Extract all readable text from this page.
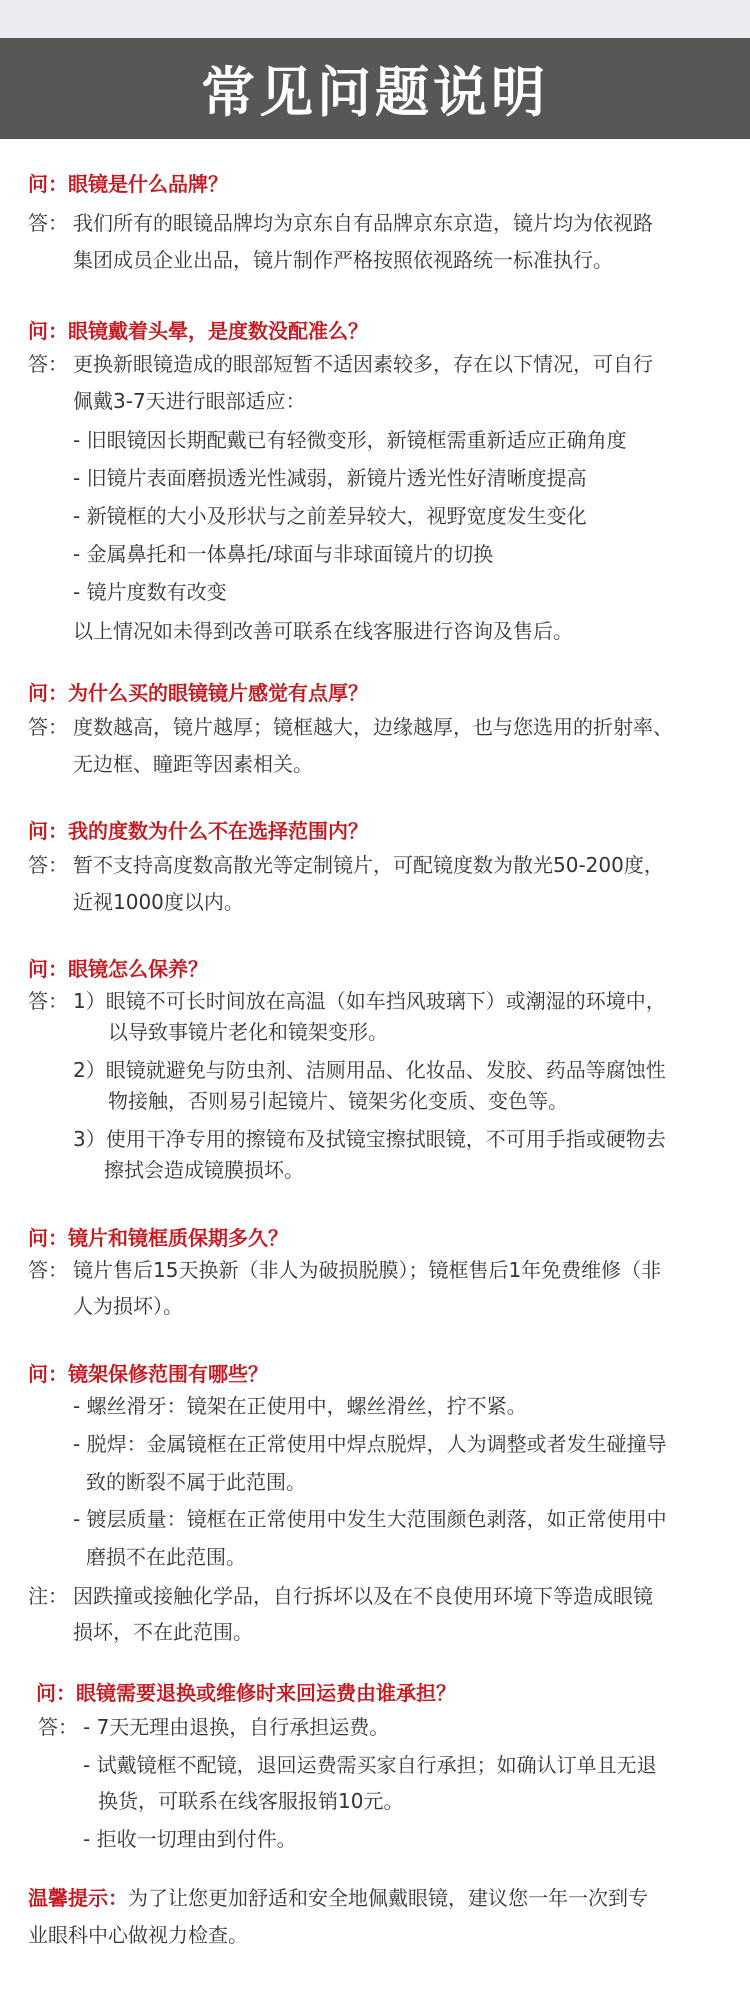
常见问题说明
问：眼镜是什么品牌？
答： 我们所有的眼镜品牌均为京东自有品牌京东京造，镜片均为依视路
集团成员企业出品，镜片制作严格按照依视路统一标准执行。
问：眼镜戴着头晕，是度数没配准么？
答： 更换新眼镜造成的眼部短暂不适因素较多，存在以下情况，可自行
佩戴3-7天进行眼部适应：
- 旧眼镜因长期配戴已有轻微变形，新镜框需重新适应正确角度
- 旧镜片表面磨损透光性减弱，新镜片透光性好清晰度提高
- 新镜框的大小及形状与之前差异较大，视野宽度发生变化
- 金属鼻托和一体鼻托/球面与非球面镜片的切换
- 镜片度数有改变
以上情况如未得到改善可联系在线客服进行咨询及售后。
问：为什么买的眼镜镜片感觉有点厚？
答： 度数越高，镜片越厚；镜框越大，边缘越厚，也与您选用的折射率、
无边框、瞳距等因素相关。
问：我的度数为什么不在选择范围内？
答： 暂不支持高度数高散光等定制镜片，可配镜度数为散光50-200度，
近视1000度以内。
问：眼镜怎么保养？
答： 1）眼镜不可长时间放在高温（如车挡风玻璃下）或潮湿的环境中，
以导致事镜片老化和镜架变形。
2）眼镜就避免与防虫剂、洁厕用品、化妆品、发胶、药品等腐蚀性
物接触，否则易引起镜片、镜架劣化变质、变色等。
3）使用干净专用的擦镜布及拭镜宝擦拭眼镜，不可用手指或硬物去
擦拭会造成镜膜损坏。
问：镜片和镜框质保期多久？
答： 镜片售后15天换新（非人为破损脱膜）；镜框售后1年免费维修（非
人为损坏）。
问：镜架保修范围有哪些？
- 螺丝滑牙：镜架在正使用中，螺丝滑丝，拧不紧。
- 脱焊：金属镜框在正常使用中焊点脱焊，人为调整或者发生碰撞导
致的断裂不属于此范围。
- 镀层质量：镜框在正常使用中发生大范围颜色剥落，如正常使用中
磨损不在此范围。
注： 因跌撞或接触化学品，自行拆坏以及在不良使用环境下等造成眼镜
损坏，不在此范围。
问：眼镜需要退换或维修时来回运费由谁承担？
答： - 7天无理由退换，自行承担运费。
- 试戴镜框不配镜，退回运费需买家自行承担；如确认订单且无退
换货，可联系在线客服报销10元。
- 拒收一切理由到付件。
温馨提示：为了让您更加舒适和安全地佩戴眼镜，建议您一年一次到专
业眼科中心做视力检查。
